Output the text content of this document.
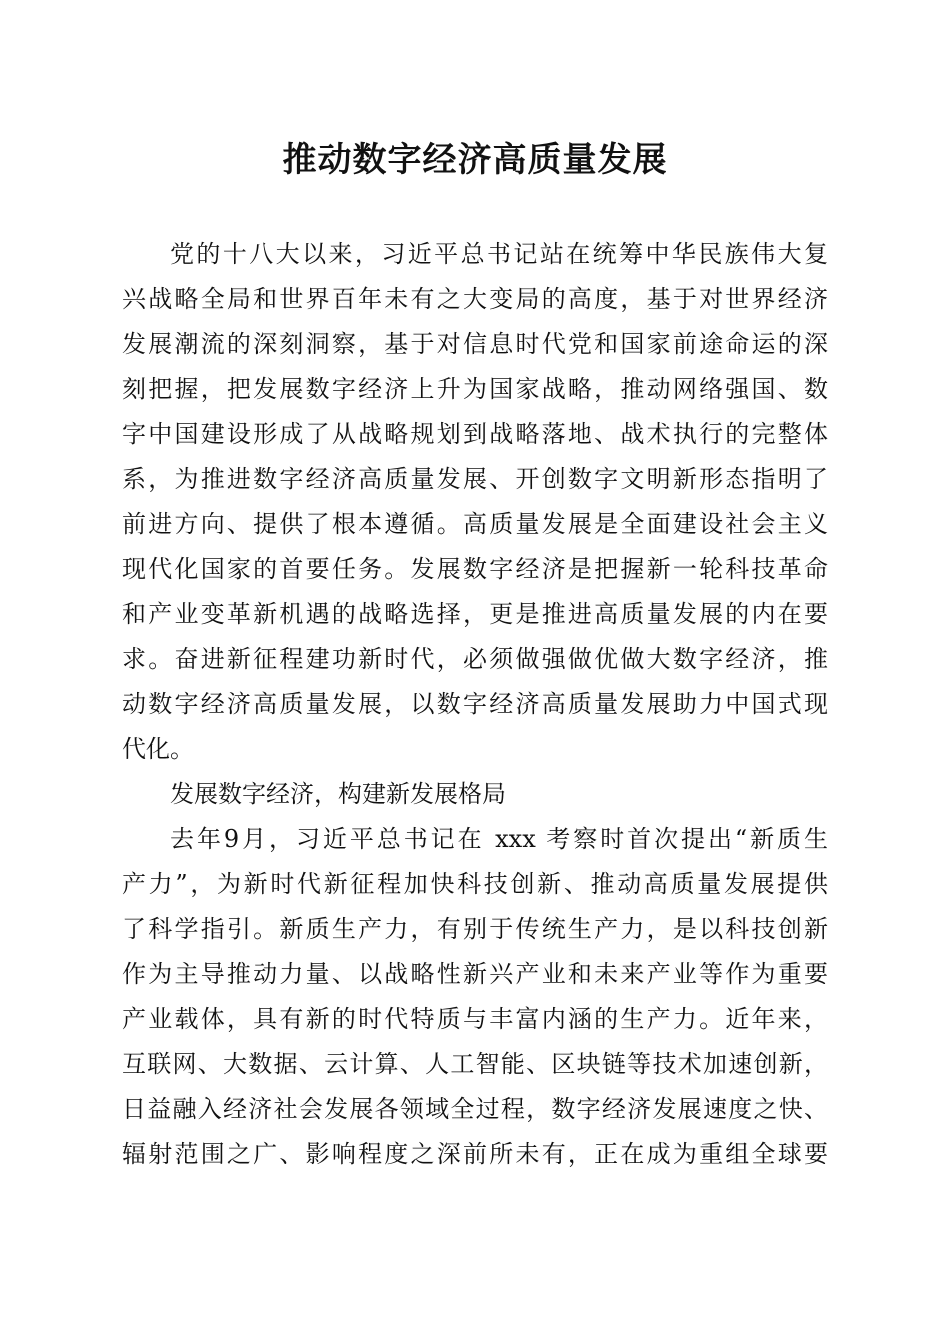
推动数字经济高质量发展
党的十八大以来，习近平总书记站在统筹中华民族伟大复
兴战略全局和世界百年未有之大变局的高度，基于对世界经济
发展潮流的深刻洞察，基于对信息时代党和国家前途命运的深
刻把握，把发展数字经济上升为国家战略，推动网络强国、数
字中国建设形成了从战略规划到战略落地、战术执行的完整体
系，为推进数字经济高质量发展、开创数字文明新形态指明了
前进方向、提供了根本遵循。高质量发展是全面建设社会主义
现代化国家的首要任务。发展数字经济是把握新一轮科技革命
和产业变革新机遇的战略选择，更是推进高质量发展的内在要
求。奋进新征程建功新时代，必须做强做优做大数字经济，推
动数字经济高质量发展，以数字经济高质量发展助力中国式现
代化。
发展数字经济，构建新发展格局
去年9月，习近平总书记在 xxx 考察时首次提出“新质生
产力”，为新时代新征程加快科技创新、推动高质量发展提供
了科学指引。新质生产力，有别于传统生产力，是以科技创新
作为主导推动力量、以战略性新兴产业和未来产业等作为重要
产业载体，具有新的时代特质与丰富内涵的生产力。近年来，
互联网、大数据、云计算、人工智能、区块链等技术加速创新，
日益融入经济社会发展各领域全过程，数字经济发展速度之快、
辐射范围之广、影响程度之深前所未有，正在成为重组全球要
